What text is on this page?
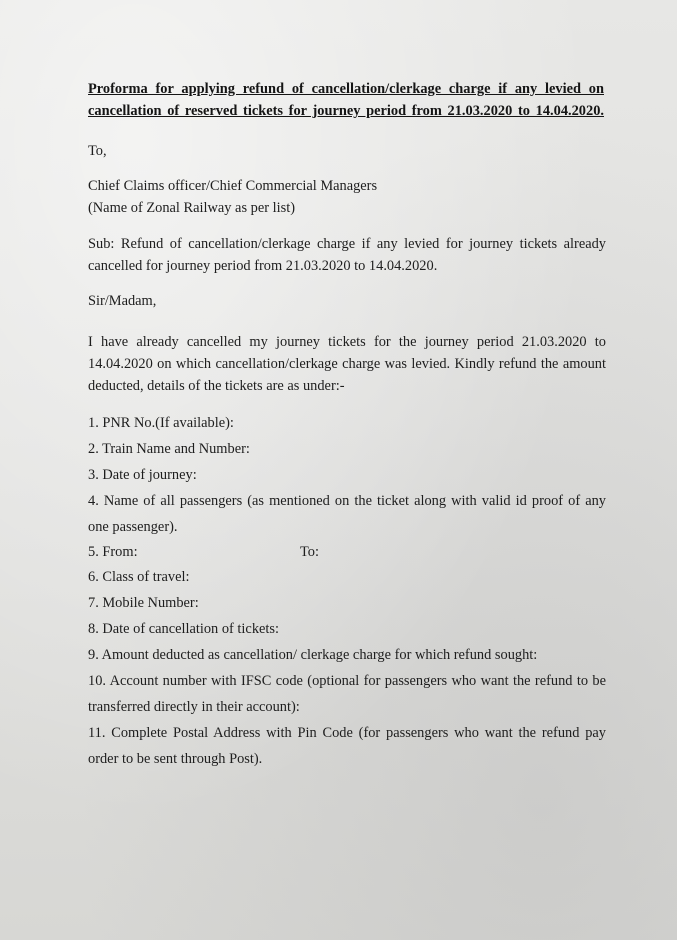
Proforma for applying refund of cancellation/clerkage charge if any levied on cancellation of reserved tickets for journey period from 21.03.2020 to 14.04.2020.
To,
Chief Claims officer/Chief Commercial Managers
(Name of Zonal Railway as per list)
Sub: Refund of cancellation/clerkage charge if any levied for journey tickets already cancelled for journey period from 21.03.2020 to 14.04.2020.
Sir/Madam,
I have already cancelled my journey tickets for the journey period 21.03.2020 to 14.04.2020 on which cancellation/clerkage charge was levied. Kindly refund the amount deducted, details of the tickets are as under:-
1. PNR No.(If available):
2. Train Name and Number:
3. Date of journey:
4. Name of all passengers (as mentioned on the ticket along with valid id proof of any one passenger).
5. From:	To:
6. Class of travel:
7. Mobile Number:
8. Date of cancellation of tickets:
9. Amount deducted as cancellation/ clerkage charge for which refund sought:
10. Account number with IFSC code (optional for passengers who want the refund to be transferred directly in their account):
11. Complete Postal Address with Pin Code (for passengers who want the refund pay order to be sent through Post).
